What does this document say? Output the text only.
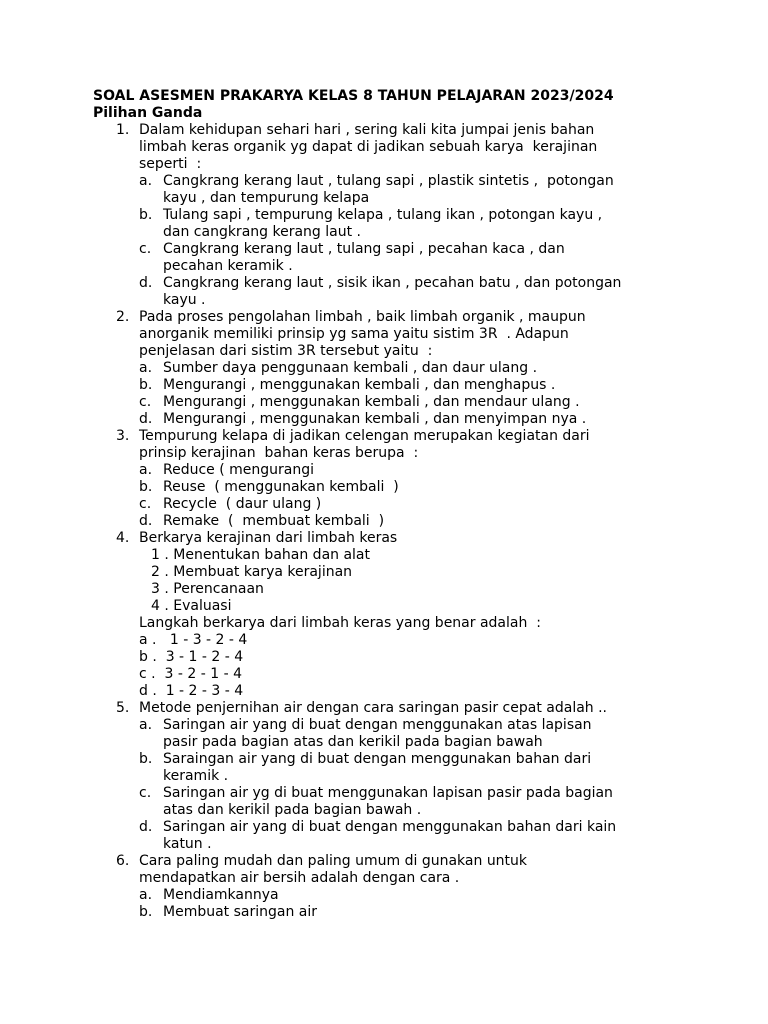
SOAL ASESMEN PRAKARYA KELAS 8 TAHUN PELAJARAN 2023/2024
Pilihan Ganda
1. Dalam kehidupan sehari hari , sering kali kita jumpai jenis bahan
limbah keras organik yg dapat di jadikan sebuah karya  kerajinan
seperti  :
a. Cangkrang kerang laut , tulang sapi , plastik sintetis ,  potongan
kayu , dan tempurung kelapa
b. Tulang sapi , tempurung kelapa , tulang ikan , potongan kayu ,
dan cangkrang kerang laut .
c. Cangkrang kerang laut , tulang sapi , pecahan kaca , dan
pecahan keramik .
d. Cangkrang kerang laut , sisik ikan , pecahan batu , dan potongan
kayu .
2. Pada proses pengolahan limbah , baik limbah organik , maupun
anorganik memiliki prinsip yg sama yaitu sistim 3R  . Adapun
penjelasan dari sistim 3R tersebut yaitu  :
a. Sumber daya penggunaan kembali , dan daur ulang .
b. Mengurangi , menggunakan kembali , dan menghapus .
c. Mengurangi , menggunakan kembali , dan mendaur ulang .
d. Mengurangi , menggunakan kembali , dan menyimpan nya .
3. Tempurung kelapa di jadikan celengan merupakan kegiatan dari
prinsip kerajinan  bahan keras berupa  :
a. Reduce ( mengurangi
b. Reuse  ( menggunakan kembali  )
c. Recycle  ( daur ulang )
d. Remake  (  membuat kembali  )
4. Berkarya kerajinan dari limbah keras
1 . Menentukan bahan dan alat
2 . Membuat karya kerajinan
3 . Perencanaan
4 . Evaluasi
Langkah berkarya dari limbah keras yang benar adalah  :
a .   1 - 3 - 2 - 4
b .  3 - 1 - 2 - 4
c .  3 - 2 - 1 - 4
d .  1 - 2 - 3 - 4
5. Metode penjernihan air dengan cara saringan pasir cepat adalah ..
a. Saringan air yang di buat dengan menggunakan atas lapisan
pasir pada bagian atas dan kerikil pada bagian bawah
b. Saraingan air yang di buat dengan menggunakan bahan dari
keramik .
c. Saringan air yg di buat menggunakan lapisan pasir pada bagian
atas dan kerikil pada bagian bawah .
d. Saringan air yang di buat dengan menggunakan bahan dari kain
katun .
6. Cara paling mudah dan paling umum di gunakan untuk
mendapatkan air bersih adalah dengan cara .
a. Mendiamkannya
b. Membuat saringan air
